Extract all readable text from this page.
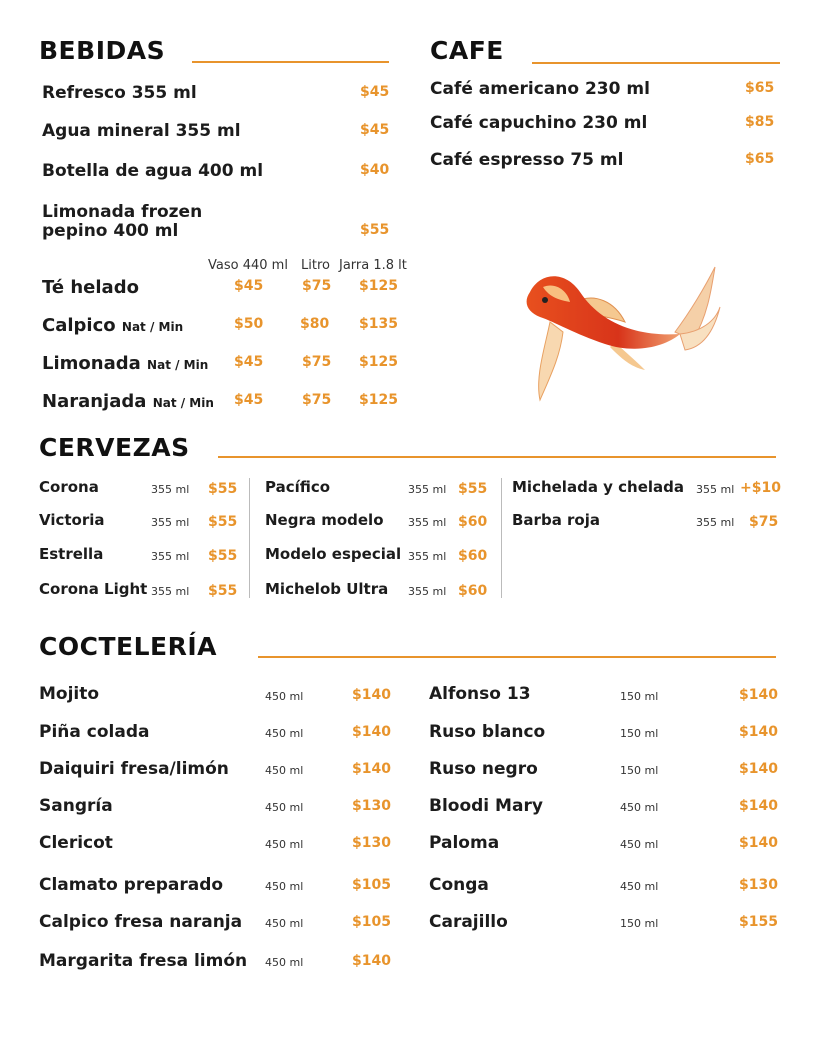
BEBIDAS
Refresco 355 ml	$45
Agua mineral 355 ml	$45
Botella de agua 400 ml	$40
Limonada frozen
pepino 400 ml	$55
Vaso 440 ml Litro Jarra 1.8 lt
Té helado	$45	$75 $125
Calpico Nat / Min	$50	$80 $135
Limonada Nat / Min $45	$75 $125
Naranjada Nat / Min $45	$75 $125
CAFE
Café americano 230 ml	$65
Café capuchino 230 ml	$85
Café espresso 75 ml	$65
CERVEZAS
Corona	355 ml $55
Victoria	355 ml $55
Estrella	355 ml $55
Corona Light 355 ml $55
Pacífico	355 ml $55
Negra modelo 355 ml $60
Modelo especial 355 ml $60
Michelob Ultra 355 ml $60
Michelada y chelada 355 ml +$10
Barba roja	355 ml $75
COCTELERÍA
Mojito	450 ml	$140
Piña colada	450 ml	$140
Daiquiri fresa/limón	450 ml	$140
Sangría	450 ml	$130
Clericot	450 ml	$130
Clamato preparado	450 ml	$105
Calpico fresa naranja 450 ml	$105
Margarita fresa limón 450 ml	$140
Alfonso 13	150 ml	$140
Ruso blanco	150 ml	$140
Ruso negro	150 ml	$140
Bloodi Mary	450 ml	$140
Paloma	450 ml	$140
Conga	450 ml	$130
Carajillo	150 ml	$155
